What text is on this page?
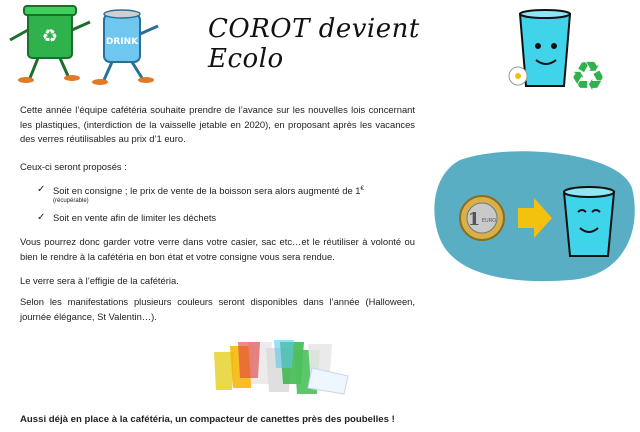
♻	DRINK	COROT devient Ecolo	♻
1 EURO

Cette année l’équipe cafétéria souhaite prendre de l’avance sur les nouvelles lois concernant les plastiques, (interdiction de la vaisselle jetable en 2020), en proposant après les vacances des verres réutilisables au prix d’1 euro.

Ceux-ci seront proposés :

✓ Soit en consigne ; le prix de vente de la boisson sera alors augmenté de 1€
(récupérable)
✓ Soit en vente afin de limiter les déchets

Vous pourrez donc garder votre verre dans votre casier, sac etc…et le réutiliser à volonté ou bien le rendre à la cafétéria en bon état et votre consigne vous sera rendue.

Le verre sera à l’effigie de la cafétéria.

Selon les manifestations plusieurs couleurs seront disponibles dans l’année (Halloween, journée élégance, St Valentin…).

Aussi déjà en place à la cafétéria, un compacteur de canettes près des poubelles !
